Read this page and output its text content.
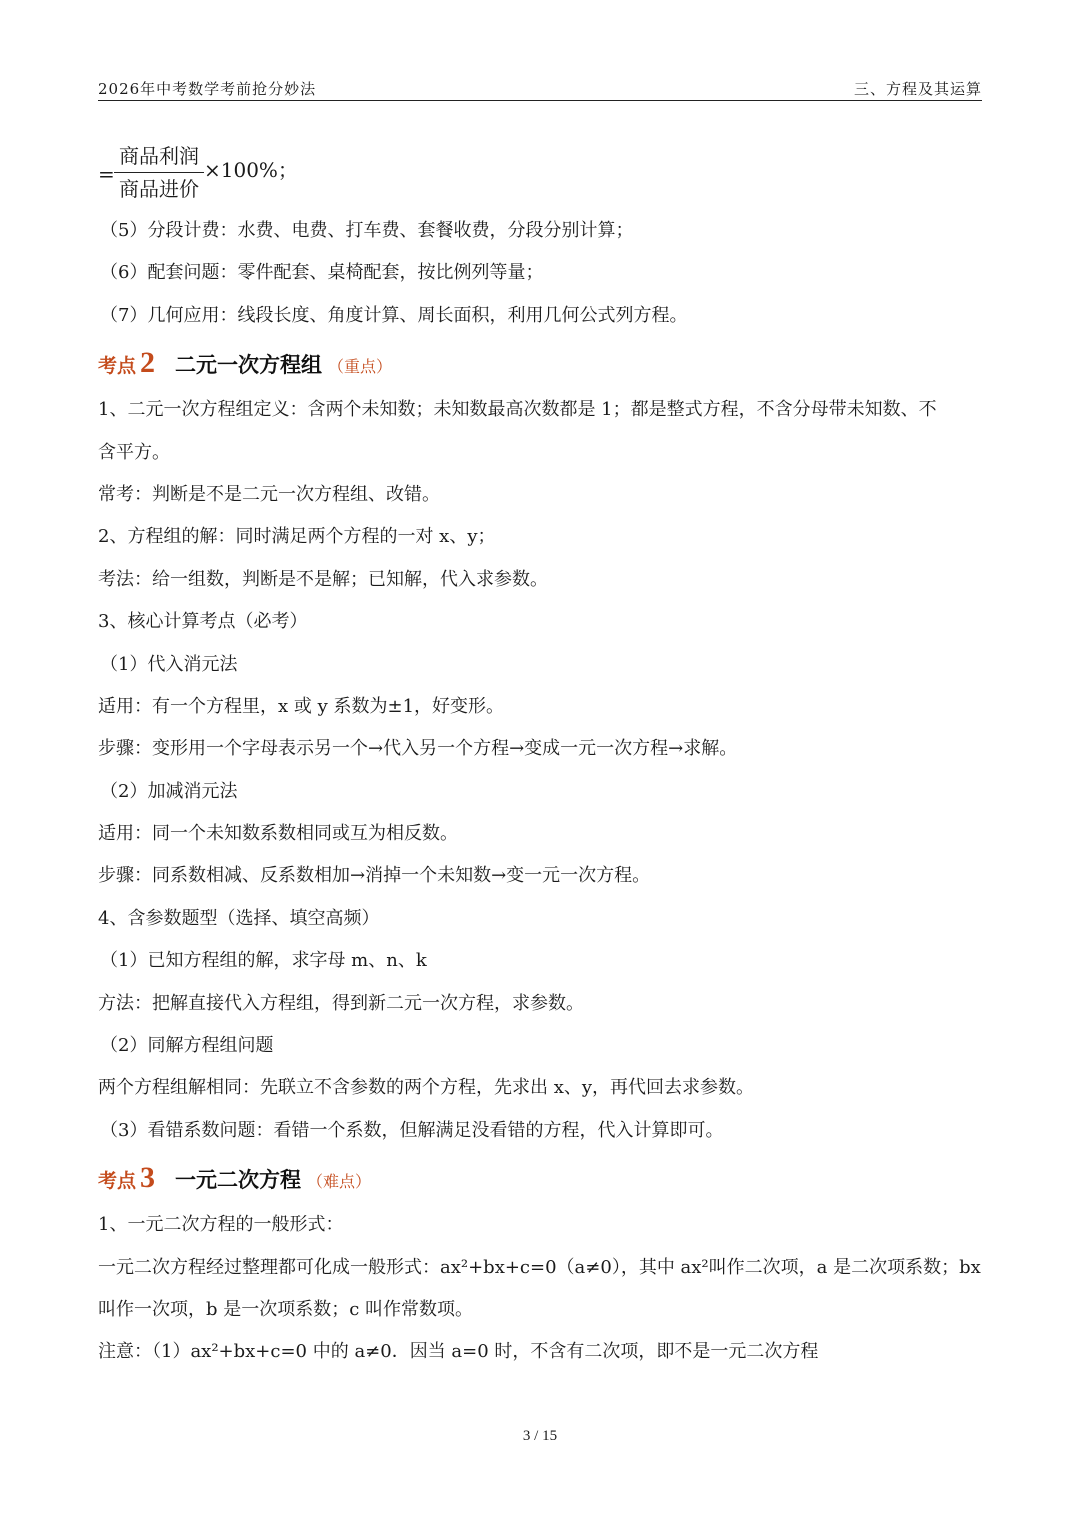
2026年中考数学考前抢分妙法	三、方程及其运算
=
商品利润
商品进价
×100%；
（5）分段计费：水费、电费、打车费、套餐收费，分段分别计算；
（6）配套问题：零件配套、桌椅配套，按比例列等量；
（7）几何应用：线段长度、角度计算、周长面积，利用几何公式列方程。
考点 2 二元一次方程组 （重点）
1、二元一次方程组定义：含两个未知数；未知数最高次数都是 1；都是整式方程，不含分母带未知数、不
含平方。
常考：判断是不是二元一次方程组、改错。
2、方程组的解：同时满足两个方程的一对 x、y；
考法：给一组数，判断是不是解；已知解，代入求参数。
3、核心计算考点（必考）
（1）代入消元法
适用：有一个方程里，x 或 y 系数为±1，好变形。
步骤：变形用一个字母表示另一个→代入另一个方程→变成一元一次方程→求解。
（2）加减消元法
适用：同一个未知数系数相同或互为相反数。
步骤：同系数相减、反系数相加→消掉一个未知数→变一元一次方程。
4、含参数题型（选择、填空高频）
（1）已知方程组的解，求字母 m、n、k
方法：把解直接代入方程组，得到新二元一次方程，求参数。
（2）同解方程组问题
两个方程组解相同：先联立不含参数的两个方程，先求出 x、y，再代回去求参数。
（3）看错系数问题：看错一个系数，但解满足没看错的方程，代入计算即可。
考点 3 一元二次方程 （难点）
1、一元二次方程的一般形式：
一元二次方程经过整理都可化成一般形式：ax²+bx+c=0（a≠0），其中 ax²叫作二次项，a 是二次项系数；bx
叫作一次项，b 是一次项系数；c 叫作常数项。
注意：（1）ax²+bx+c=0 中的 a≠0．因当 a=0 时，不含有二次项，即不是一元二次方程
3 / 15
